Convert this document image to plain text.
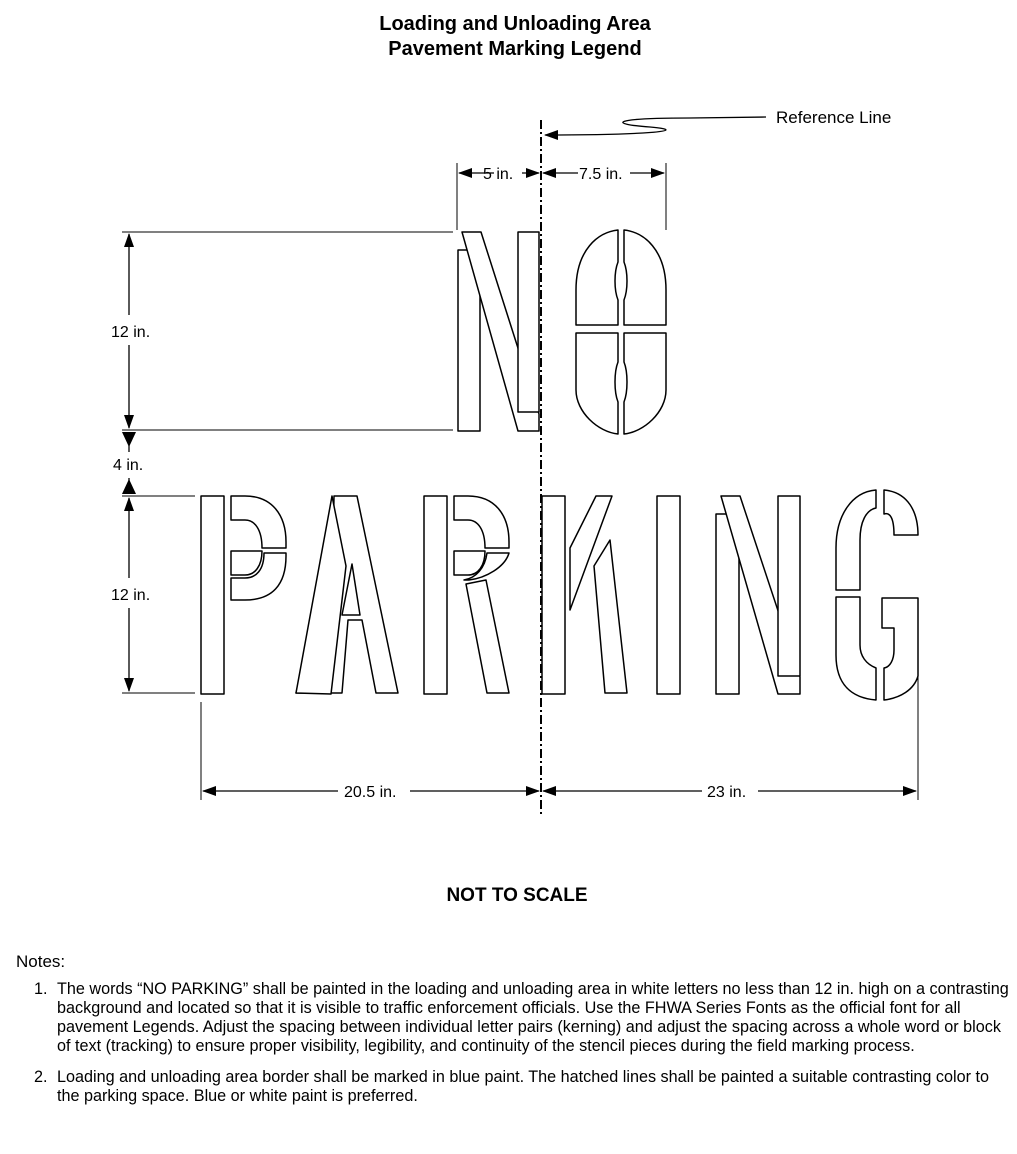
Loading and Unloading Area
Pavement Marking Legend
Reference Line
5 in.	7.5 in.
12 in.
4 in.
12 in.
20.5 in.	23 in.
NOT TO SCALE
Notes:
1. The words “NO PARKING” shall be painted in the loading and unloading area in white letters no less than 12 in. high on a contrasting background and located so that it is visible to traffic enforcement officials. Use the FHWA Series Fonts as the official font for all pavement Legends. Adjust the spacing between individual letter pairs (kerning) and adjust the spacing across a whole word or block of text (tracking) to ensure proper visibility, legibility, and continuity of the stencil pieces during the field marking process.
2. Loading and unloading area border shall be marked in blue paint. The hatched lines shall be painted a suitable contrasting color to the parking space. Blue or white paint is preferred.
